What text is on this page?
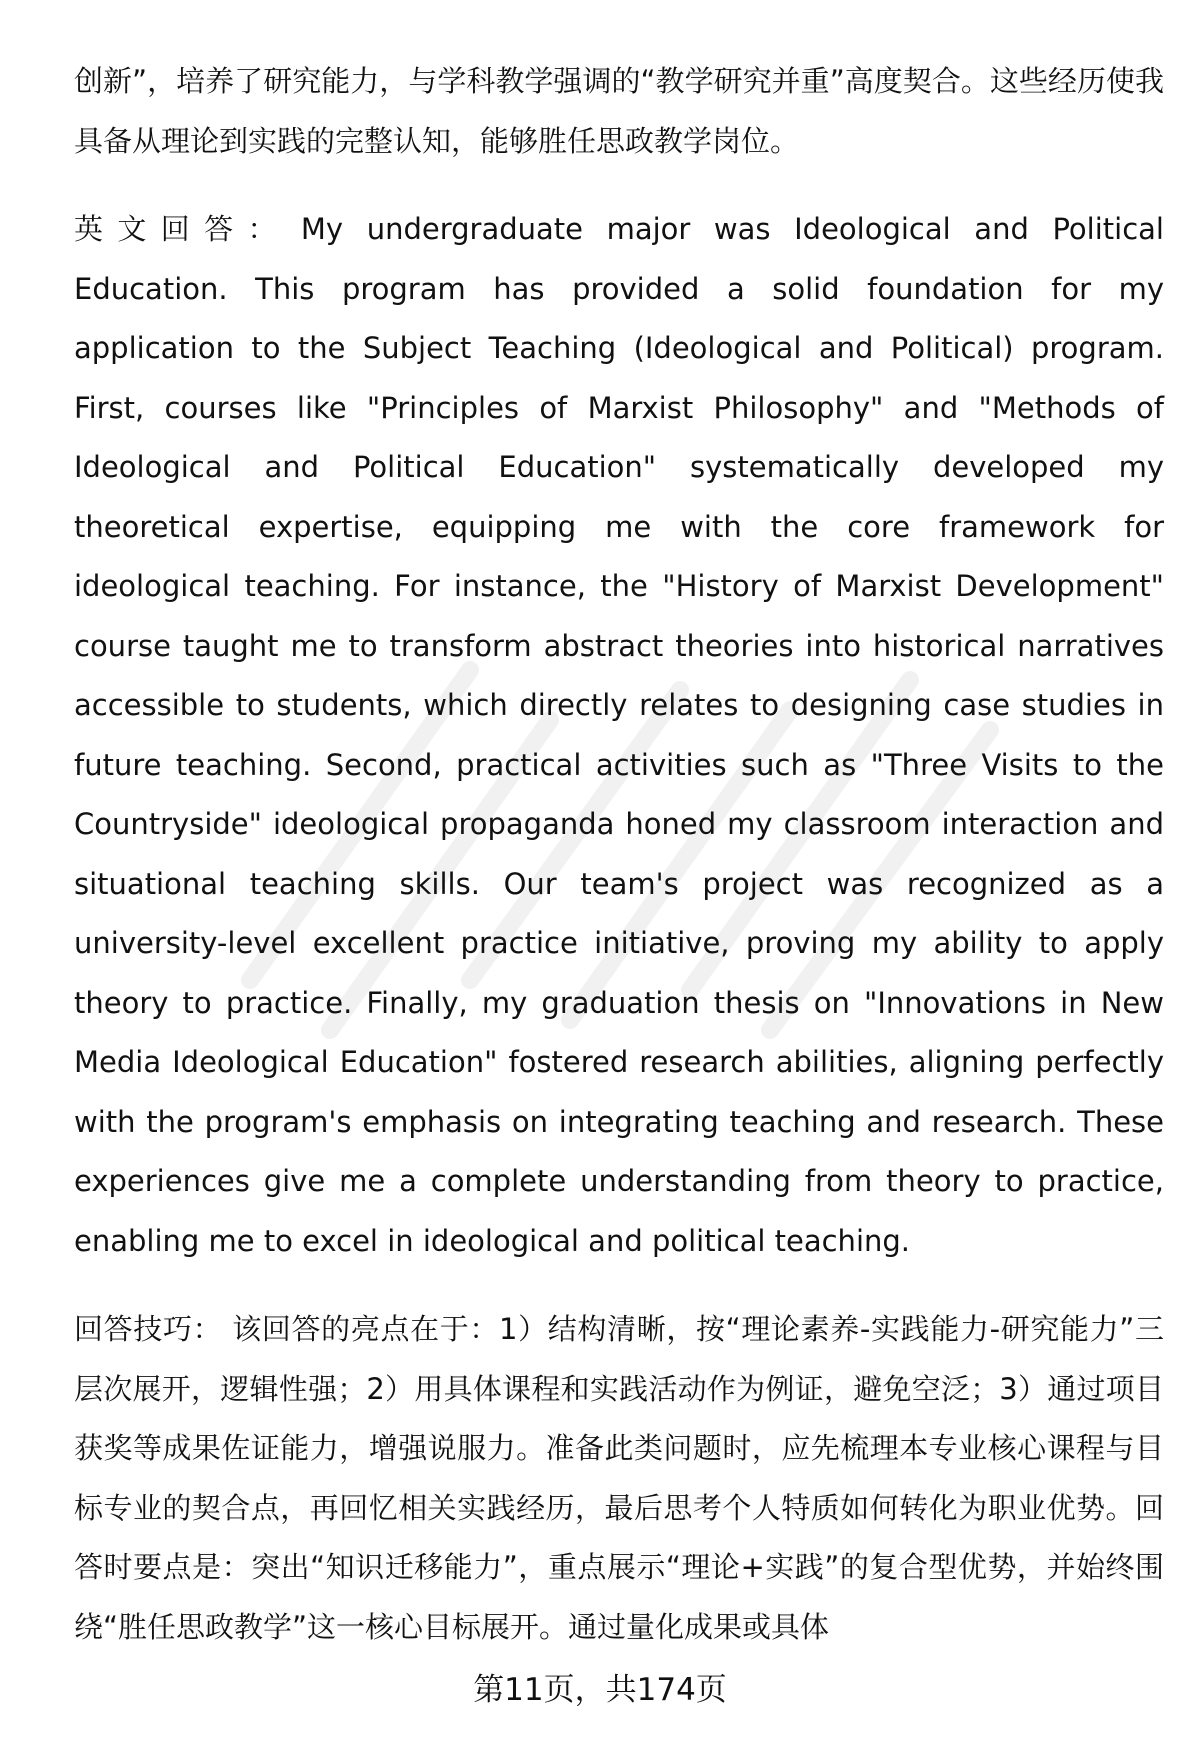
创新”，培养了研究能力，与学科教学强调的“教学研究并重”高度契合。这些经历使我具备从理论到实践的完整认知，能够胜任思政教学岗位。

英文回答： My undergraduate major was Ideological and Political Education. This program has provided a solid foundation for my application to the Subject Teaching (Ideological and Political) program. First, courses like "Principles of Marxist Philosophy" and "Methods of Ideological and Political Education" systematically developed my theoretical expertise, equipping me with the core framework for ideological teaching. For instance, the "History of Marxist Development" course taught me to transform abstract theories into historical narratives accessible to students, which directly relates to designing case studies in future teaching. Second, practical activities such as "Three Visits to the Countryside" ideological propaganda honed my classroom interaction and situational teaching skills. Our team's project was recognized as a university-level excellent practice initiative, proving my ability to apply theory to practice. Finally, my graduation thesis on "Innovations in New Media Ideological Education" fostered research abilities, aligning perfectly with the program's emphasis on integrating teaching and research. These experiences give me a complete understanding from theory to practice, enabling me to excel in ideological and political teaching.

回答技巧： 该回答的亮点在于：1）结构清晰，按“理论素养-实践能力-研究能力”三层次展开，逻辑性强；2）用具体课程和实践活动作为例证，避免空泛；3）通过项目获奖等成果佐证能力，增强说服力。准备此类问题时，应先梳理本专业核心课程与目标专业的契合点，再回忆相关实践经历，最后思考个人特质如何转化为职业优势。回答时要点是：突出“知识迁移能力”，重点展示“理论+实践”的复合型优势，并始终围绕“胜任思政教学”这一核心目标展开。通过量化成果或具体

第11页，共174页
